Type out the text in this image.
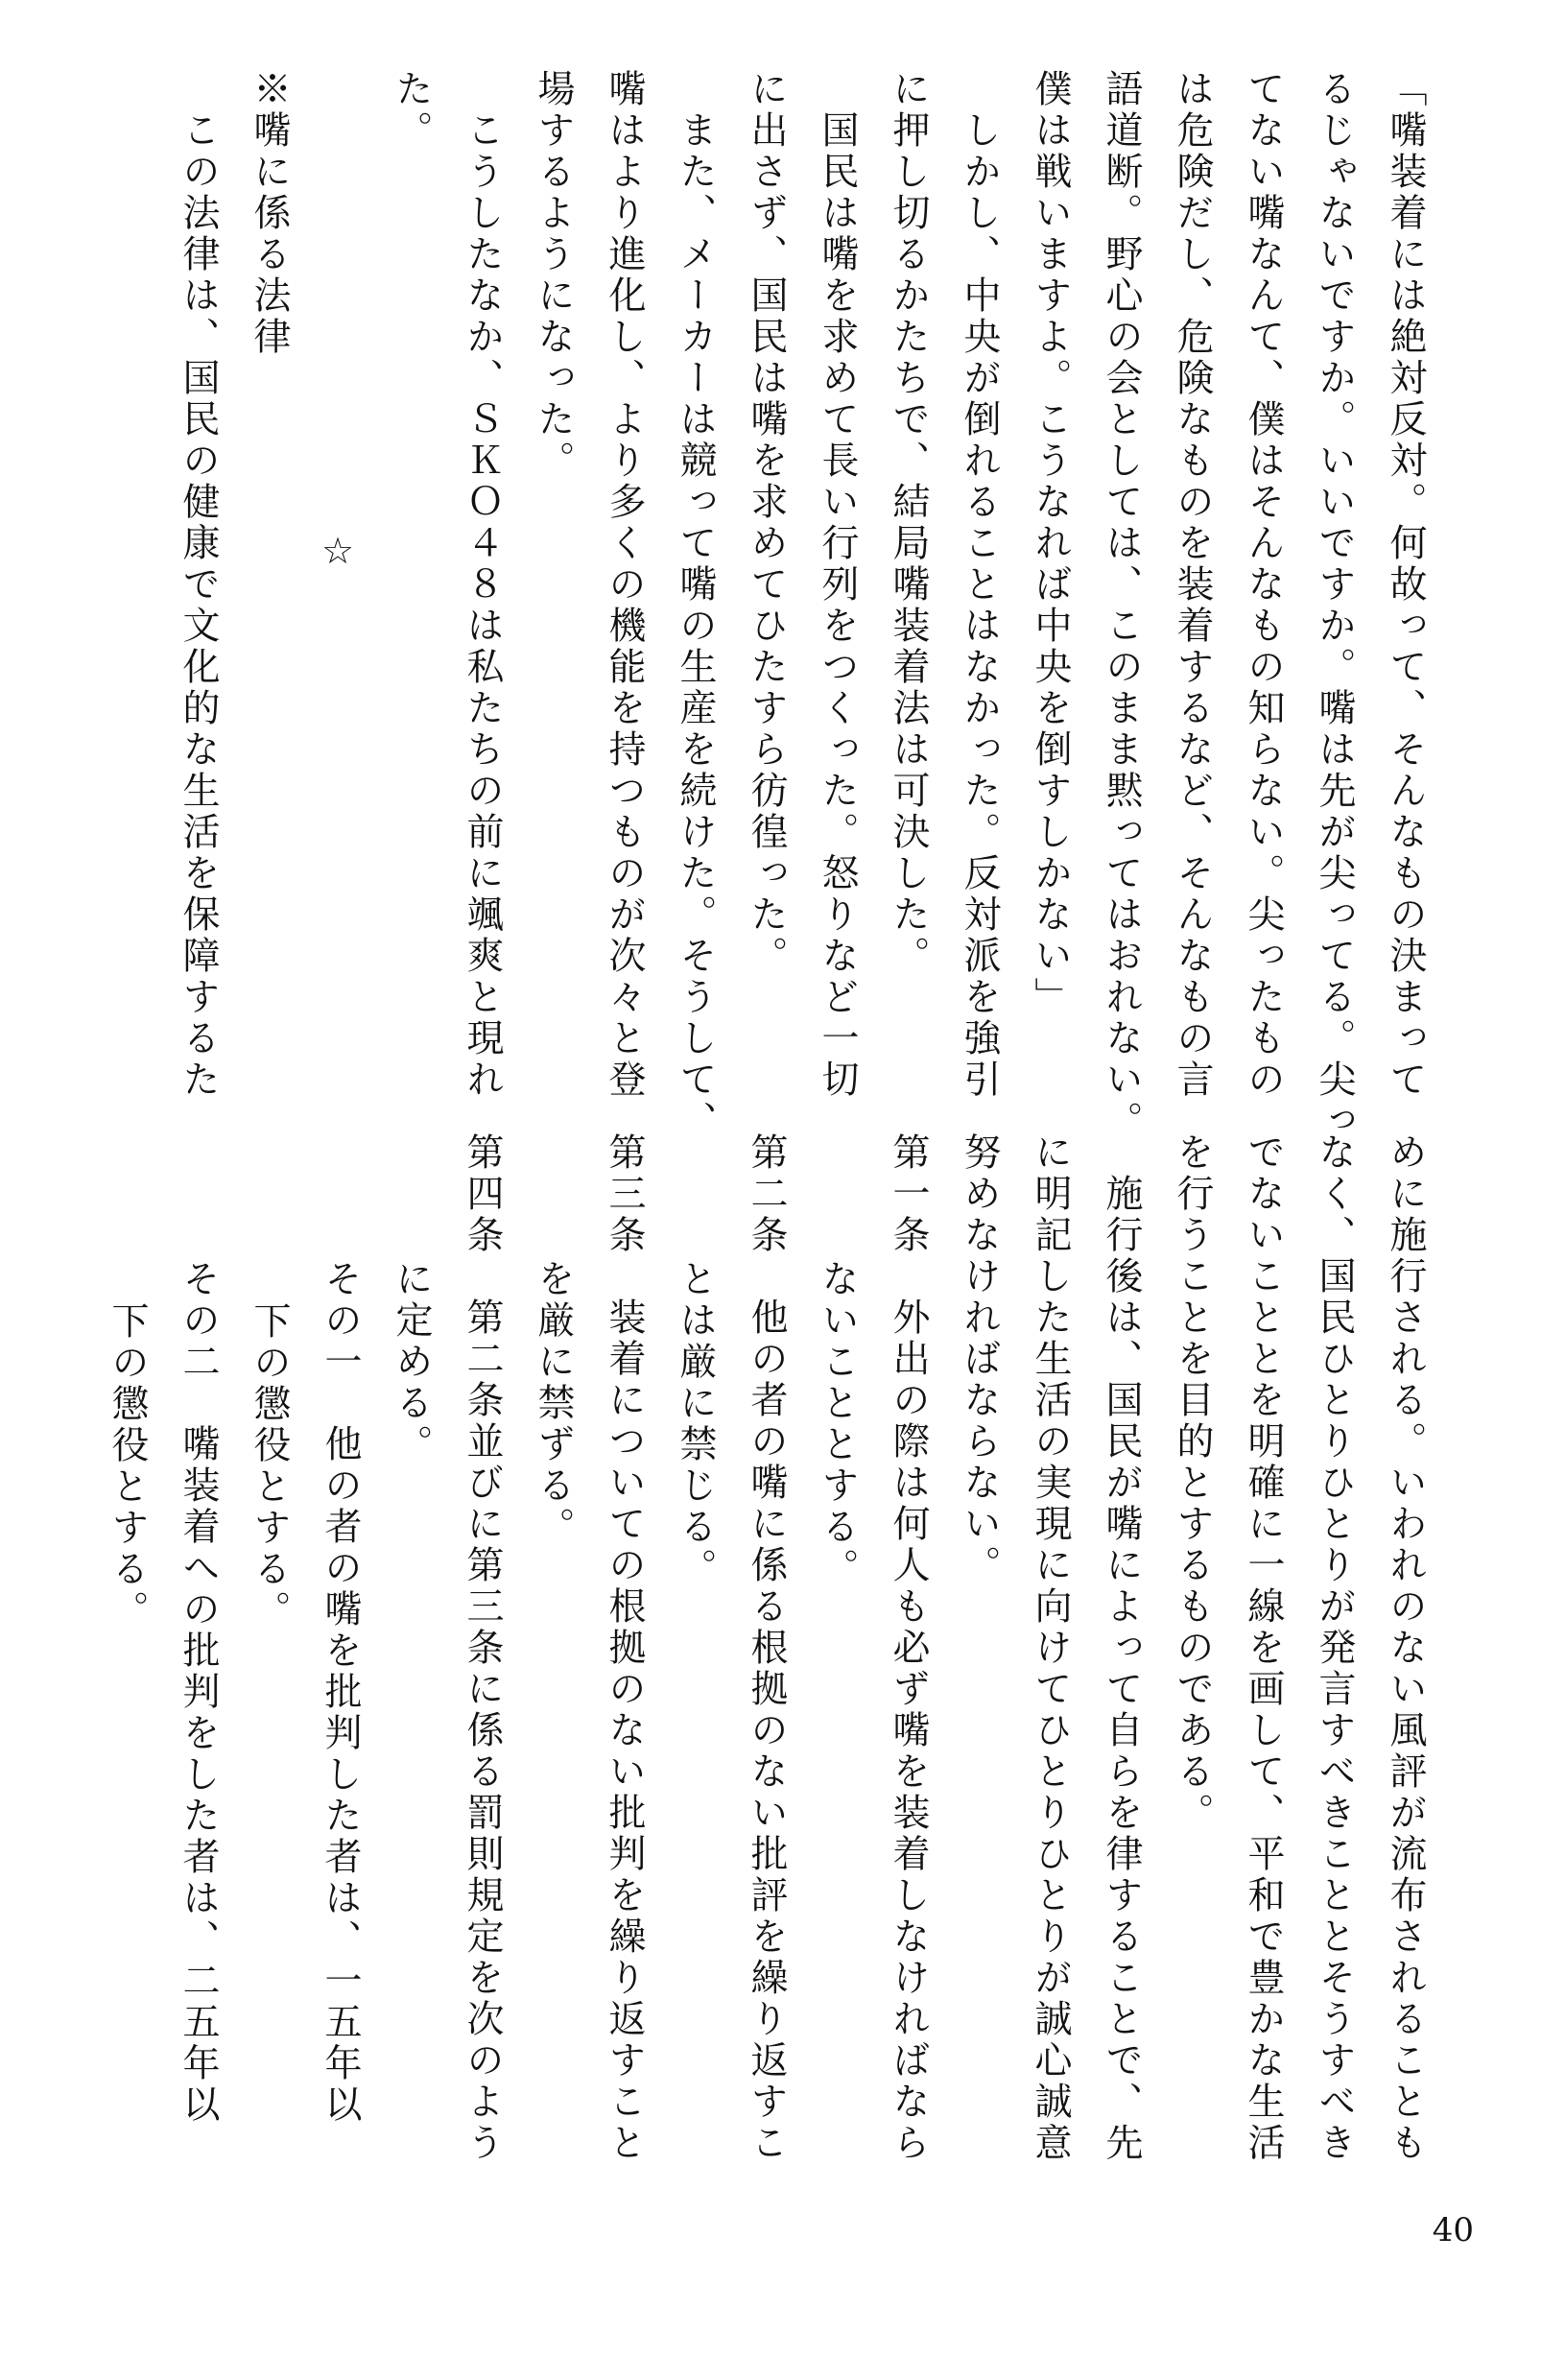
「嘴装着には絶対反対。何故って、そんなもの決まって
るじゃないですか。いいですか。嘴は先が尖ってる。尖っ
てない嘴なんて、僕はそんなもの知らない。尖ったもの
は危険だし、危険なものを装着するなど、そんなもの言
語道断。野心の会としては、このまま黙ってはおれない。
僕は戦いますよ。こうなれば中央を倒すしかない」
　しかし、中央が倒れることはなかった。反対派を強引
に押し切るかたちで、結局嘴装着法は可決した。
　国民は嘴を求めて長い行列をつくった。怒りなど一切
に出さず、国民は嘴を求めてひたすら彷徨った。
　また、メーカーは競って嘴の生産を続けた。そうして、
嘴はより進化し、より多くの機能を持つものが次々と登
場するようになった。
　こうしたなか、ＳＫＯ４８は私たちの前に颯爽と現れ
た。
☆
※嘴に係る法律
　この法律は、国民の健康で文化的な生活を保障するた
めに施行される。いわれのない風評が流布されることも
なく、国民ひとりひとりが発言すべきこととそうすべき
でないこととを明確に一線を画して、平和で豊かな生活
を行うことを目的とするものである。
　施行後は、国民が嘴によって自らを律することで、先
に明記した生活の実現に向けてひとりひとりが誠心誠意
努めなければならない。
第一条　外出の際は何人も必ず嘴を装着しなければなら
ないこととする。
第二条　他の者の嘴に係る根拠のない批評を繰り返すこ
とは厳に禁じる。
第三条　装着についての根拠のない批判を繰り返すこと
を厳に禁ずる。
第四条　第二条並びに第三条に係る罰則規定を次のよう
に定める。
その一　他の者の嘴を批判した者は、一五年以
下の懲役とする。
その二　嘴装着への批判をした者は、二五年以
下の懲役とする。
40
